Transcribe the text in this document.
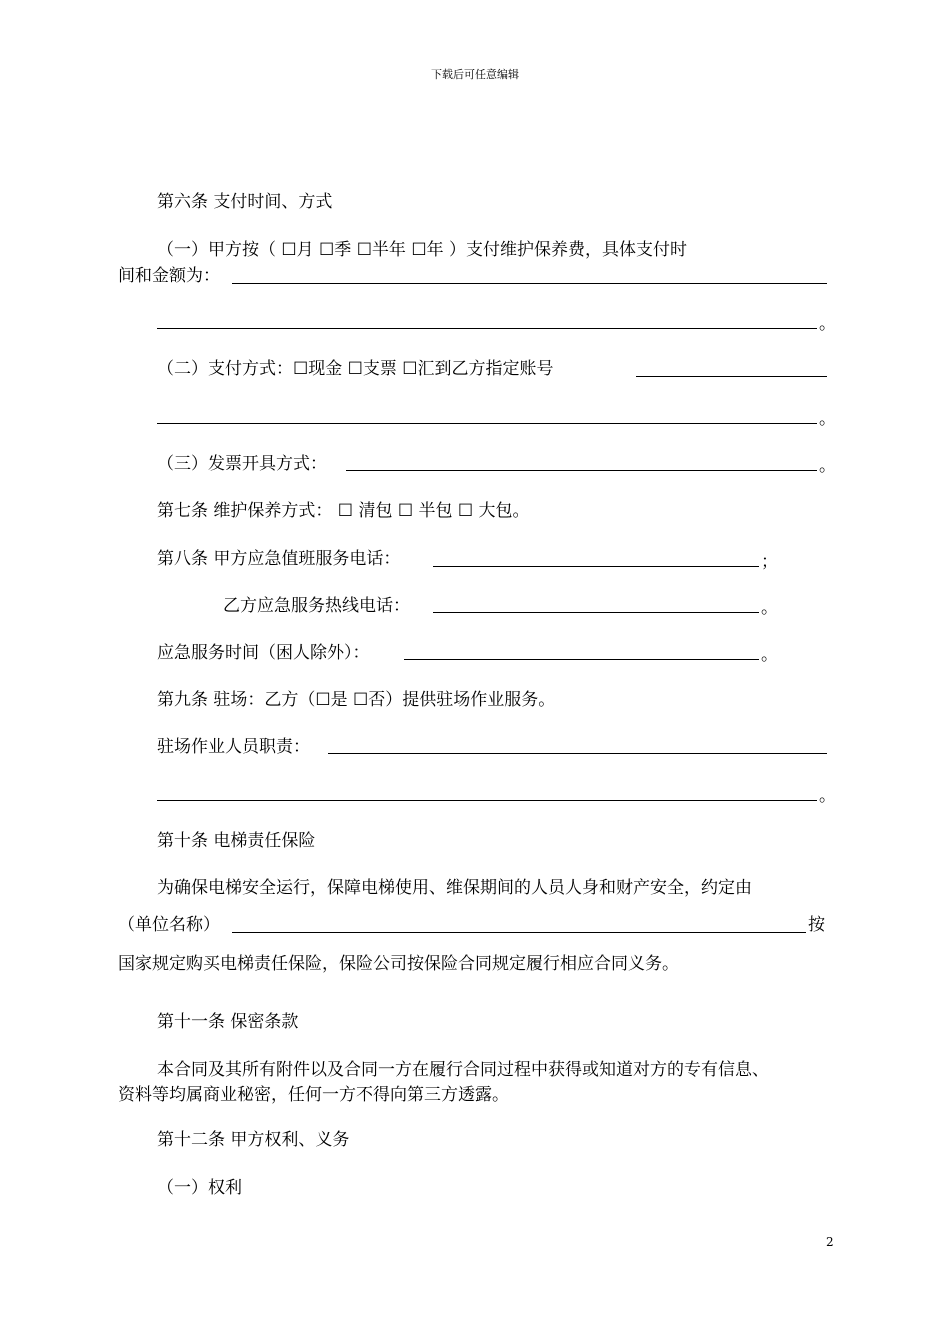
下载后可任意编辑
第六条 支付时间、方式
（一）甲方按（ ☐月 ☐季 ☐半年 ☐年 ）支付维护保养费，具体支付时
间和金额为：
。
（二）支付方式：☐现金 ☐支票 ☐汇到乙方指定账号
。
（三）发票开具方式：	。
第七条 维护保养方式： ☐ 清包 ☐ 半包 ☐ 大包。
第八条 甲方应急值班服务电话：	；
乙方应急服务热线电话：	。
应急服务时间（困人除外）：	。
第九条 驻场：乙方（☐是 ☐否）提供驻场作业服务。
驻场作业人员职责：
。
第十条 电梯责任保险
为确保电梯安全运行，保障电梯使用、维保期间的人员人身和财产安全，约定由
（单位名称）	按
国家规定购买电梯责任保险，保险公司按保险合同规定履行相应合同义务。
第十一条 保密条款
本合同及其所有附件以及合同一方在履行合同过程中获得或知道对方的专有信息、
资料等均属商业秘密，任何一方不得向第三方透露。
第十二条 甲方权利、义务
（一）权利
2
